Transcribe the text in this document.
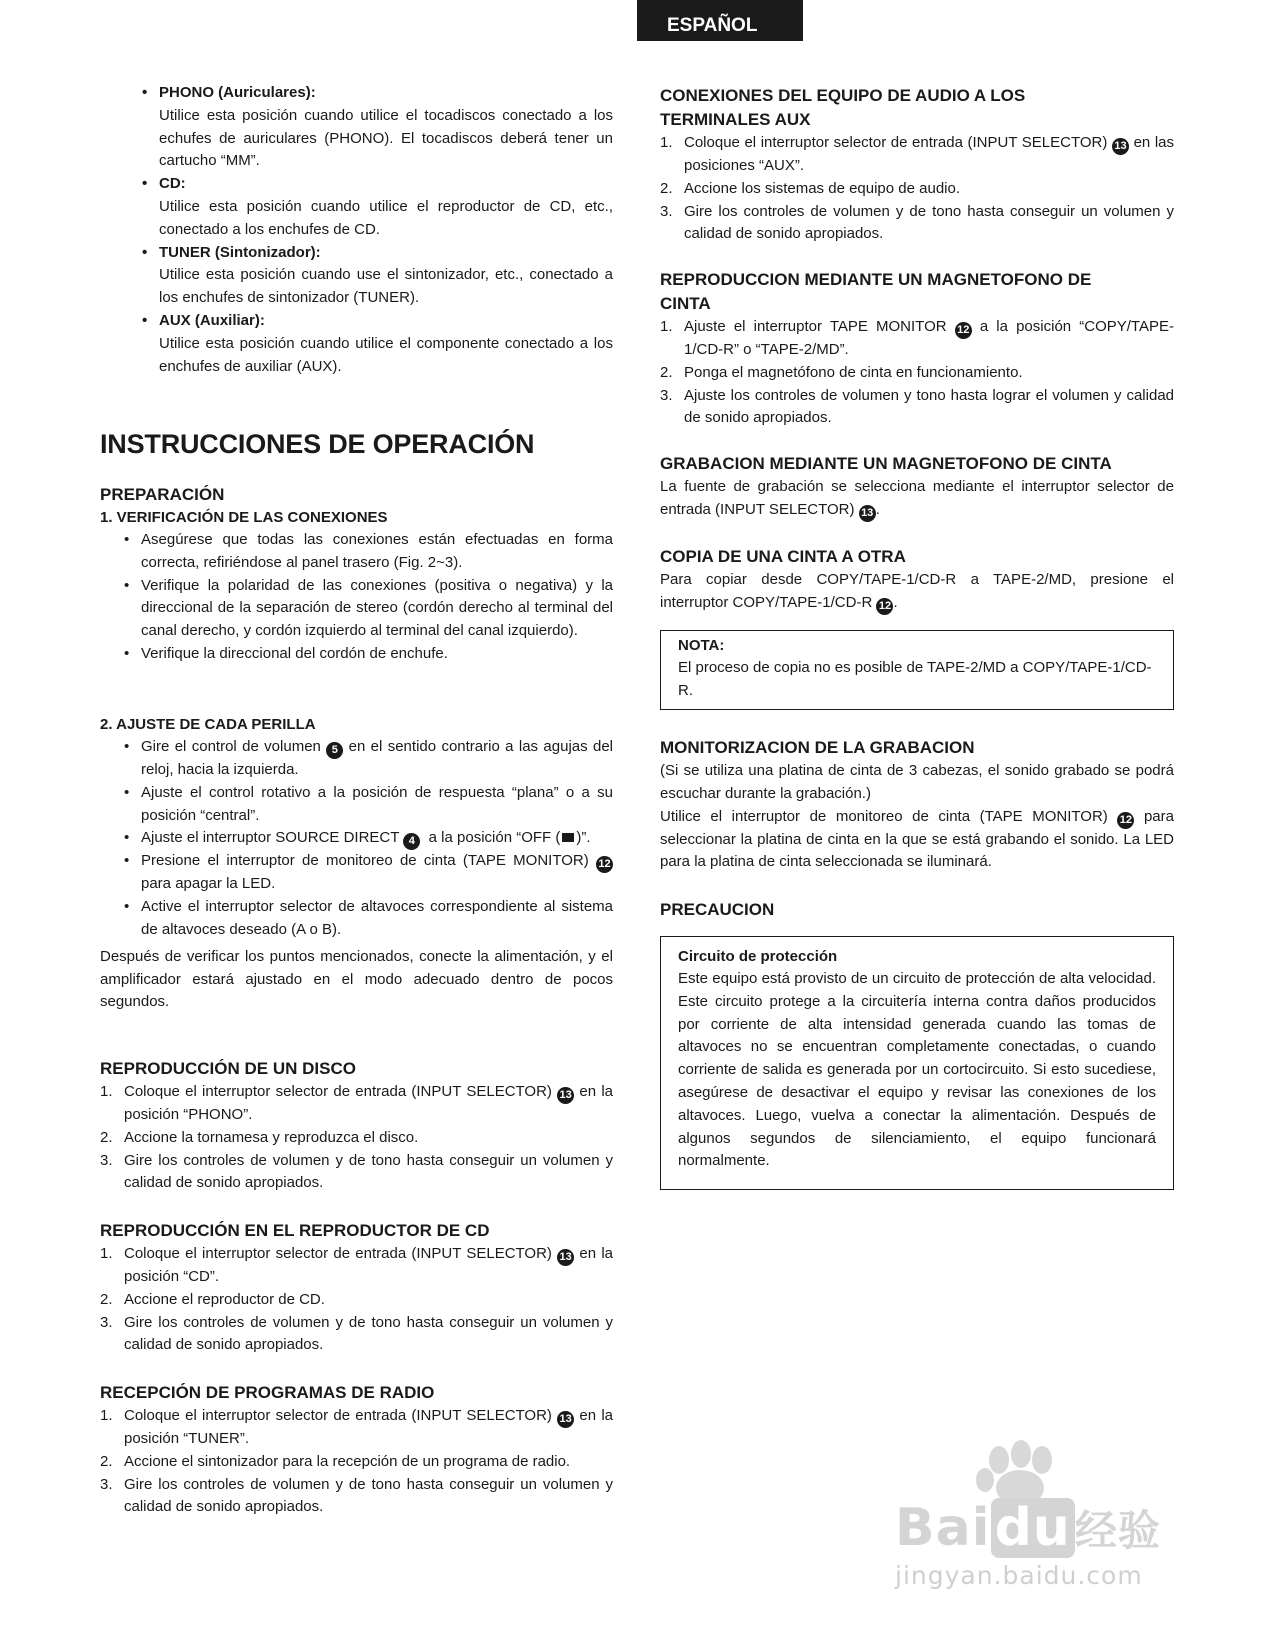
ESPAÑOL
• PHONO (Auriculares):
Utilice esta posición cuando utilice el tocadiscos conectado a los echufes de auriculares (PHONO). El tocadiscos deberá tener un cartucho “MM”.
• CD:
Utilice esta posición cuando utilice el reproductor de CD, etc., conectado a los enchufes de CD.
• TUNER (Sintonizador):
Utilice esta posición cuando use el sintonizador, etc., conectado a los enchufes de sintonizador (TUNER).
• AUX (Auxiliar):
Utilice esta posición cuando utilice el componente conectado a los enchufes de auxiliar (AUX).
INSTRUCCIONES DE OPERACIÓN
PREPARACIÓN
1. VERIFICACIÓN DE LAS CONEXIONES
• Asegúrese que todas las conexiones están efectuadas en forma correcta, refiriéndose al panel trasero (Fig. 2~3).
• Verifique la polaridad de las conexiones (positiva o negativa) y la direccional de la separación de stereo (cordón derecho al terminal del canal derecho, y cordón izquierdo al terminal del canal izquierdo).
• Verifique la direccional del cordón de enchufe.
2. AJUSTE DE CADA PERILLA
• Gire el control de volumen 5 en el sentido contrario a las agujas del reloj, hacia la izquierda.
• Ajuste el control rotativo a la posición de respuesta “plana” o a su posición “central”.
• Ajuste el interruptor SOURCE DIRECT 4 a la posición “OFF ( )”.
• Presione el interruptor de monitoreo de cinta (TAPE MONITOR) 12 para apagar la LED.
• Active el interruptor selector de altavoces correspondiente al sistema de altavoces deseado (A o B).
Después de verificar los puntos mencionados, conecte la alimentación, y el amplificador estará ajustado en el modo adecuado dentro de pocos segundos.
REPRODUCCIÓN DE UN DISCO
1. Coloque el interruptor selector de entrada (INPUT SELECTOR) 13 en la posición “PHONO”.
2. Accione la tornamesa y reproduzca el disco.
3. Gire los controles de volumen y de tono hasta conseguir un volumen y calidad de sonido apropiados.
REPRODUCCIÓN EN EL REPRODUCTOR DE CD
1. Coloque el interruptor selector de entrada (INPUT SELECTOR) 13 en la posición “CD”.
2. Accione el reproductor de CD.
3. Gire los controles de volumen y de tono hasta conseguir un volumen y calidad de sonido apropiados.
RECEPCIÓN DE PROGRAMAS DE RADIO
1. Coloque el interruptor selector de entrada (INPUT SELECTOR) 13 en la posición “TUNER”.
2. Accione el sintonizador para la recepción de un programa de radio.
3. Gire los controles de volumen y de tono hasta conseguir un volumen y calidad de sonido apropiados.
CONEXIONES DEL EQUIPO DE AUDIO A LOS TERMINALES AUX
1. Coloque el interruptor selector de entrada (INPUT SELECTOR) 13 en las posiciones “AUX”.
2. Accione los sistemas de equipo de audio.
3. Gire los controles de volumen y de tono hasta conseguir un volumen y calidad de sonido apropiados.
REPRODUCCION MEDIANTE UN MAGNETOFONO DE CINTA
1. Ajuste el interruptor TAPE MONITOR 12 a la posición “COPY/TAPE-1/CD-R” o “TAPE-2/MD”.
2. Ponga el magnetófono de cinta en funcionamiento.
3. Ajuste los controles de volumen y tono hasta lograr el volumen y calidad de sonido apropiados.
GRABACION MEDIANTE UN MAGNETOFONO DE CINTA
La fuente de grabación se selecciona mediante el interruptor selector de entrada (INPUT SELECTOR) 13 .
COPIA DE UNA CINTA A OTRA
Para copiar desde COPY/TAPE-1/CD-R a TAPE-2/MD, presione el interruptor COPY/TAPE-1/CD-R 12 .
NOTA:
El proceso de copia no es posible de TAPE-2/MD a COPY/TAPE-1/CD-R.
MONITORIZACION DE LA GRABACION
(Si se utiliza una platina de cinta de 3 cabezas, el sonido grabado se podrá escuchar durante la grabación.)
Utilice el interruptor de monitoreo de cinta (TAPE MONITOR) 12 para seleccionar la platina de cinta en la que se está grabando el sonido. La LED para la platina de cinta seleccionada se iluminará.
PRECAUCION
Circuito de protección
Este equipo está provisto de un circuito de protección de alta velocidad. Este circuito protege a la circuitería interna contra daños producidos por corriente de alta intensidad generada cuando las tomas de altavoces no se encuentran completamente conectadas, o cuando corriente de salida es generada por un cortocircuito. Si esto sucediese, asegúrese de desactivar el equipo y revisar las conexiones de los altavoces. Luego, vuelva a conectar la alimentación. Después de algunos segundos de silenciamiento, el equipo funcionará normalmente.
Baidu经验
jingyan.baidu.com
